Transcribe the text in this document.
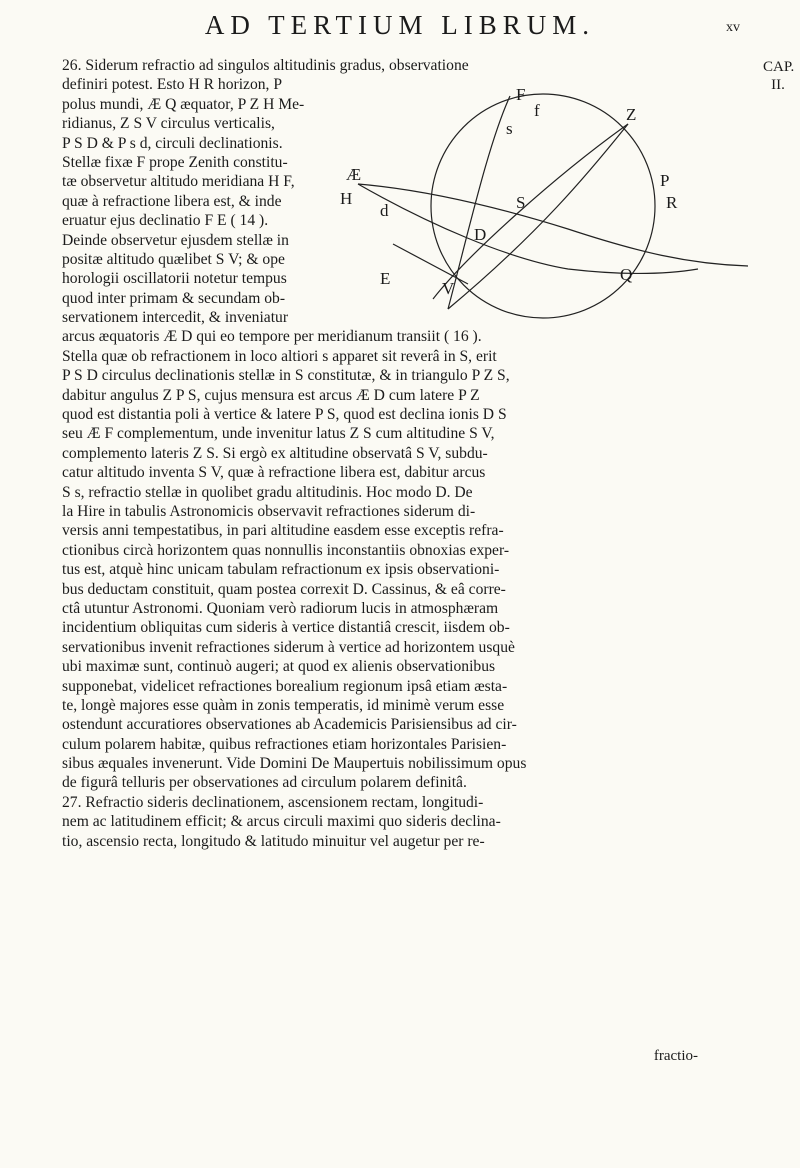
AD TERTIUM LIBRUM.	xv
CAP.
II.
F
Z
P
R
Q
Æ
H
d
s
S
D
V
E
f
26. Siderum refractio ad singulos altitudinis gradus, observatione
definiri potest. Esto H R horizon, P
polus mundi, Æ Q æquator, P Z H Me-
ridianus, Z S V circulus verticalis,
P S D & P s d, circuli declinationis.
Stellæ fixæ F prope Zenith constitu-
tæ observetur altitudo meridiana H F,
quæ à refractione libera est, & inde
eruatur ejus declinatio F E ( 14 ).
Deinde observetur ejusdem stellæ in
positæ altitudo quælibet S V; & ope
horologii oscillatorii notetur tempus
quod inter primam & secundam ob-
servationem intercedit, & inveniatur
arcus æquatoris Æ D qui eo tempore per meridianum transiit ( 16 ).
Stella quæ ob refractionem in loco altiori s apparet sit reverâ in S, erit
P S D circulus declinationis stellæ in S constitutæ, & in triangulo P Z S,
dabitur angulus Z P S, cujus mensura est arcus Æ D cum latere P Z
quod est distantia poli à vertice & latere P S, quod est declina ionis D S
seu Æ F complementum, unde invenitur latus Z S cum altitudine S V,
complemento lateris Z S. Si ergò ex altitudine observatâ S V, subdu-
catur altitudo inventa S V, quæ à refractione libera est, dabitur arcus
S s, refractio stellæ in quolibet gradu altitudinis. Hoc modo D. De
la Hire in tabulis Astronomicis observavit refractiones siderum di-
versis anni tempestatibus, in pari altitudine easdem esse exceptis refra-
ctionibus circà horizontem quas nonnullis inconstantiis obnoxias exper-
tus est, atquè hinc unicam tabulam refractionum ex ipsis observationi-
bus deductam constituit, quam postea correxit D. Cassinus, & eâ corre-
ctâ utuntur Astronomi. Quoniam verò radiorum lucis in atmosphæram
incidentium obliquitas cum sideris à vertice distantiâ crescit, iisdem ob-
servationibus invenit refractiones siderum à vertice ad horizontem usquè
ubi maximæ sunt, continuò augeri; at quod ex alienis observationibus
supponebat, videlicet refractiones borealium regionum ipsâ etiam æsta-
te, longè majores esse quàm in zonis temperatis, id minimè verum esse
ostendunt accuratiores observationes ab Academicis Parisiensibus ad cir-
culum polarem habitæ, quibus refractiones etiam horizontales Parisien-
sibus æquales invenerunt. Vide Domini De Maupertuis nobilissimum opus
de figurâ telluris per observationes ad circulum polarem definitâ.
27. Refractio sideris declinationem, ascensionem rectam, longitudi-
nem ac latitudinem efficit; & arcus circuli maximi quo sideris declina-
tio, ascensio recta, longitudo & latitudo minuitur vel augetur per re-
fractio-
